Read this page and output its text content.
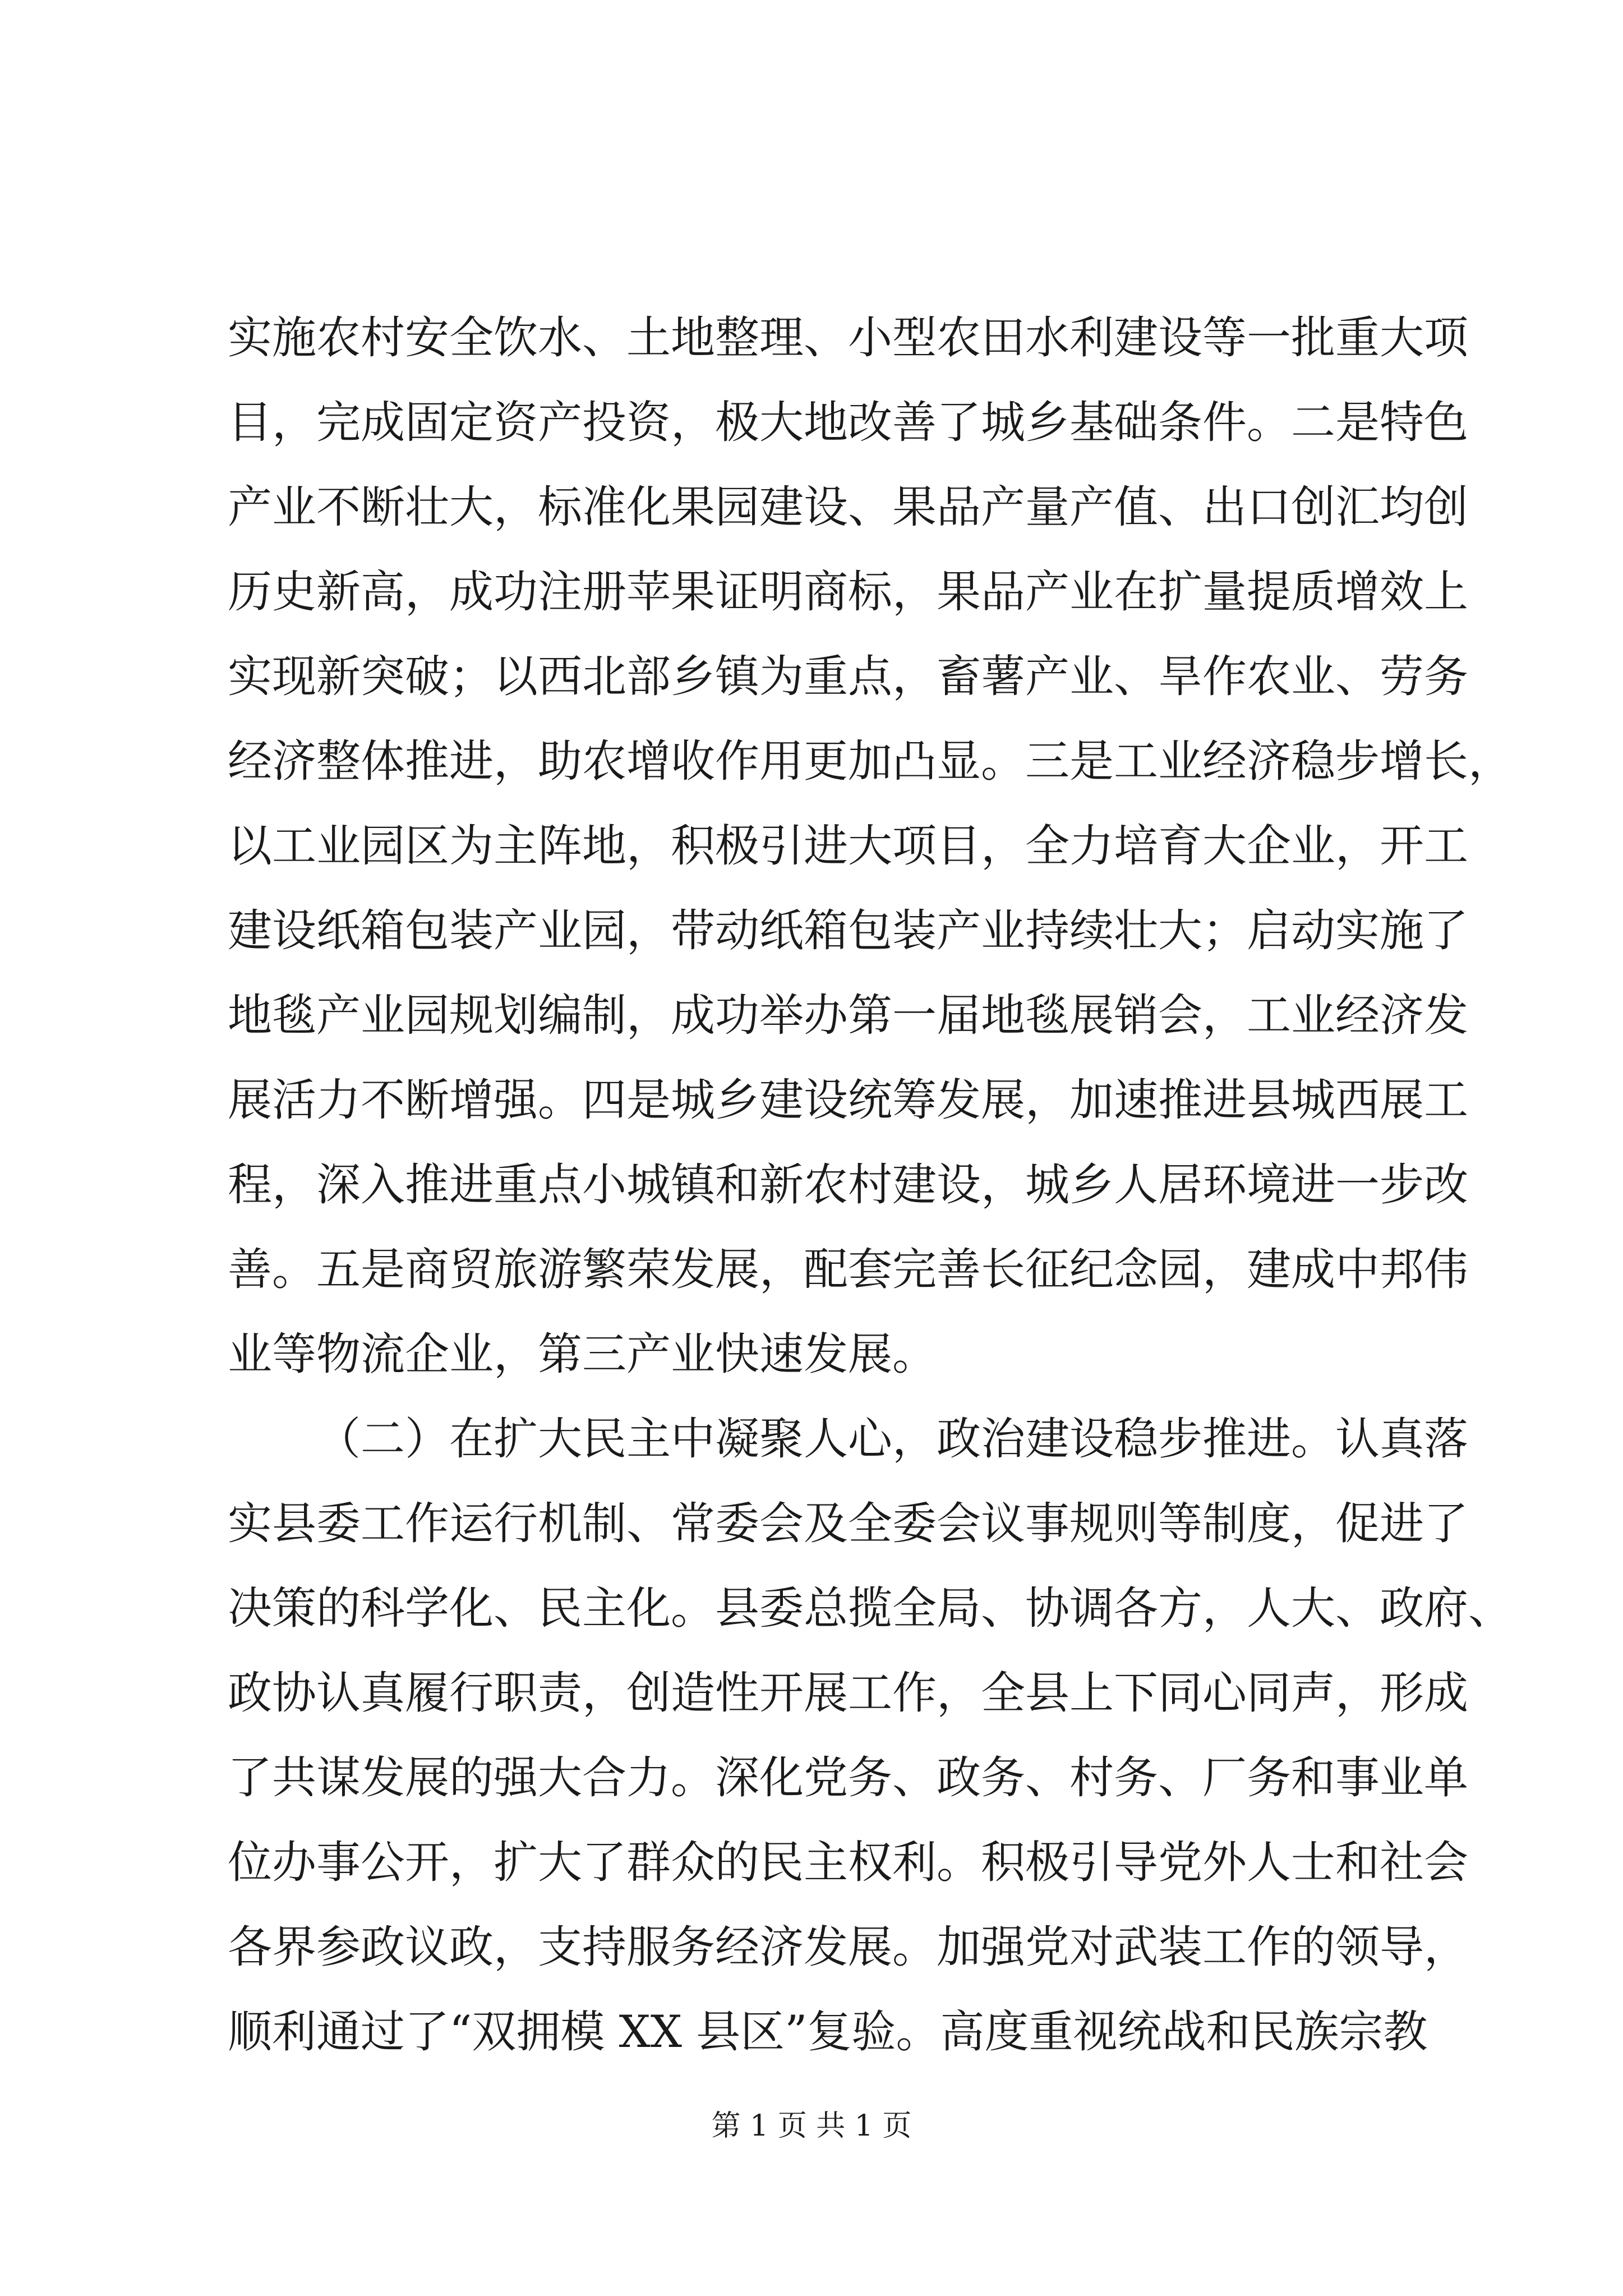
实施农村安全饮水、土地整理、小型农田水利建设等一批重大项
目，完成固定资产投资，极大地改善了城乡基础条件。二是特色
产业不断壮大，标准化果园建设、果品产量产值、出口创汇均创
历史新高，成功注册苹果证明商标，果品产业在扩量提质增效上
实现新突破；以西北部乡镇为重点，畜薯产业、旱作农业、劳务
经济整体推进，助农增收作用更加凸显。三是工业经济稳步增长，
以工业园区为主阵地，积极引进大项目，全力培育大企业，开工
建设纸箱包装产业园，带动纸箱包装产业持续壮大；启动实施了
地毯产业园规划编制，成功举办第一届地毯展销会，工业经济发
展活力不断增强。四是城乡建设统筹发展，加速推进县城西展工
程，深入推进重点小城镇和新农村建设，城乡人居环境进一步改
善。五是商贸旅游繁荣发展，配套完善长征纪念园，建成中邦伟
业等物流企业，第三产业快速发展。
（二）在扩大民主中凝聚人心，政治建设稳步推进。认真落
实县委工作运行机制、常委会及全委会议事规则等制度，促进了
决策的科学化、民主化。县委总揽全局、协调各方，人大、政府、
政协认真履行职责，创造性开展工作，全县上下同心同声，形成
了共谋发展的强大合力。深化党务、政务、村务、厂务和事业单
位办事公开，扩大了群众的民主权利。积极引导党外人士和社会
各界参政议政，支持服务经济发展。加强党对武装工作的领导，
顺利通过了“双拥模 XX 县区”复验。高度重视统战和民族宗教
第 1 页 共 1 页
